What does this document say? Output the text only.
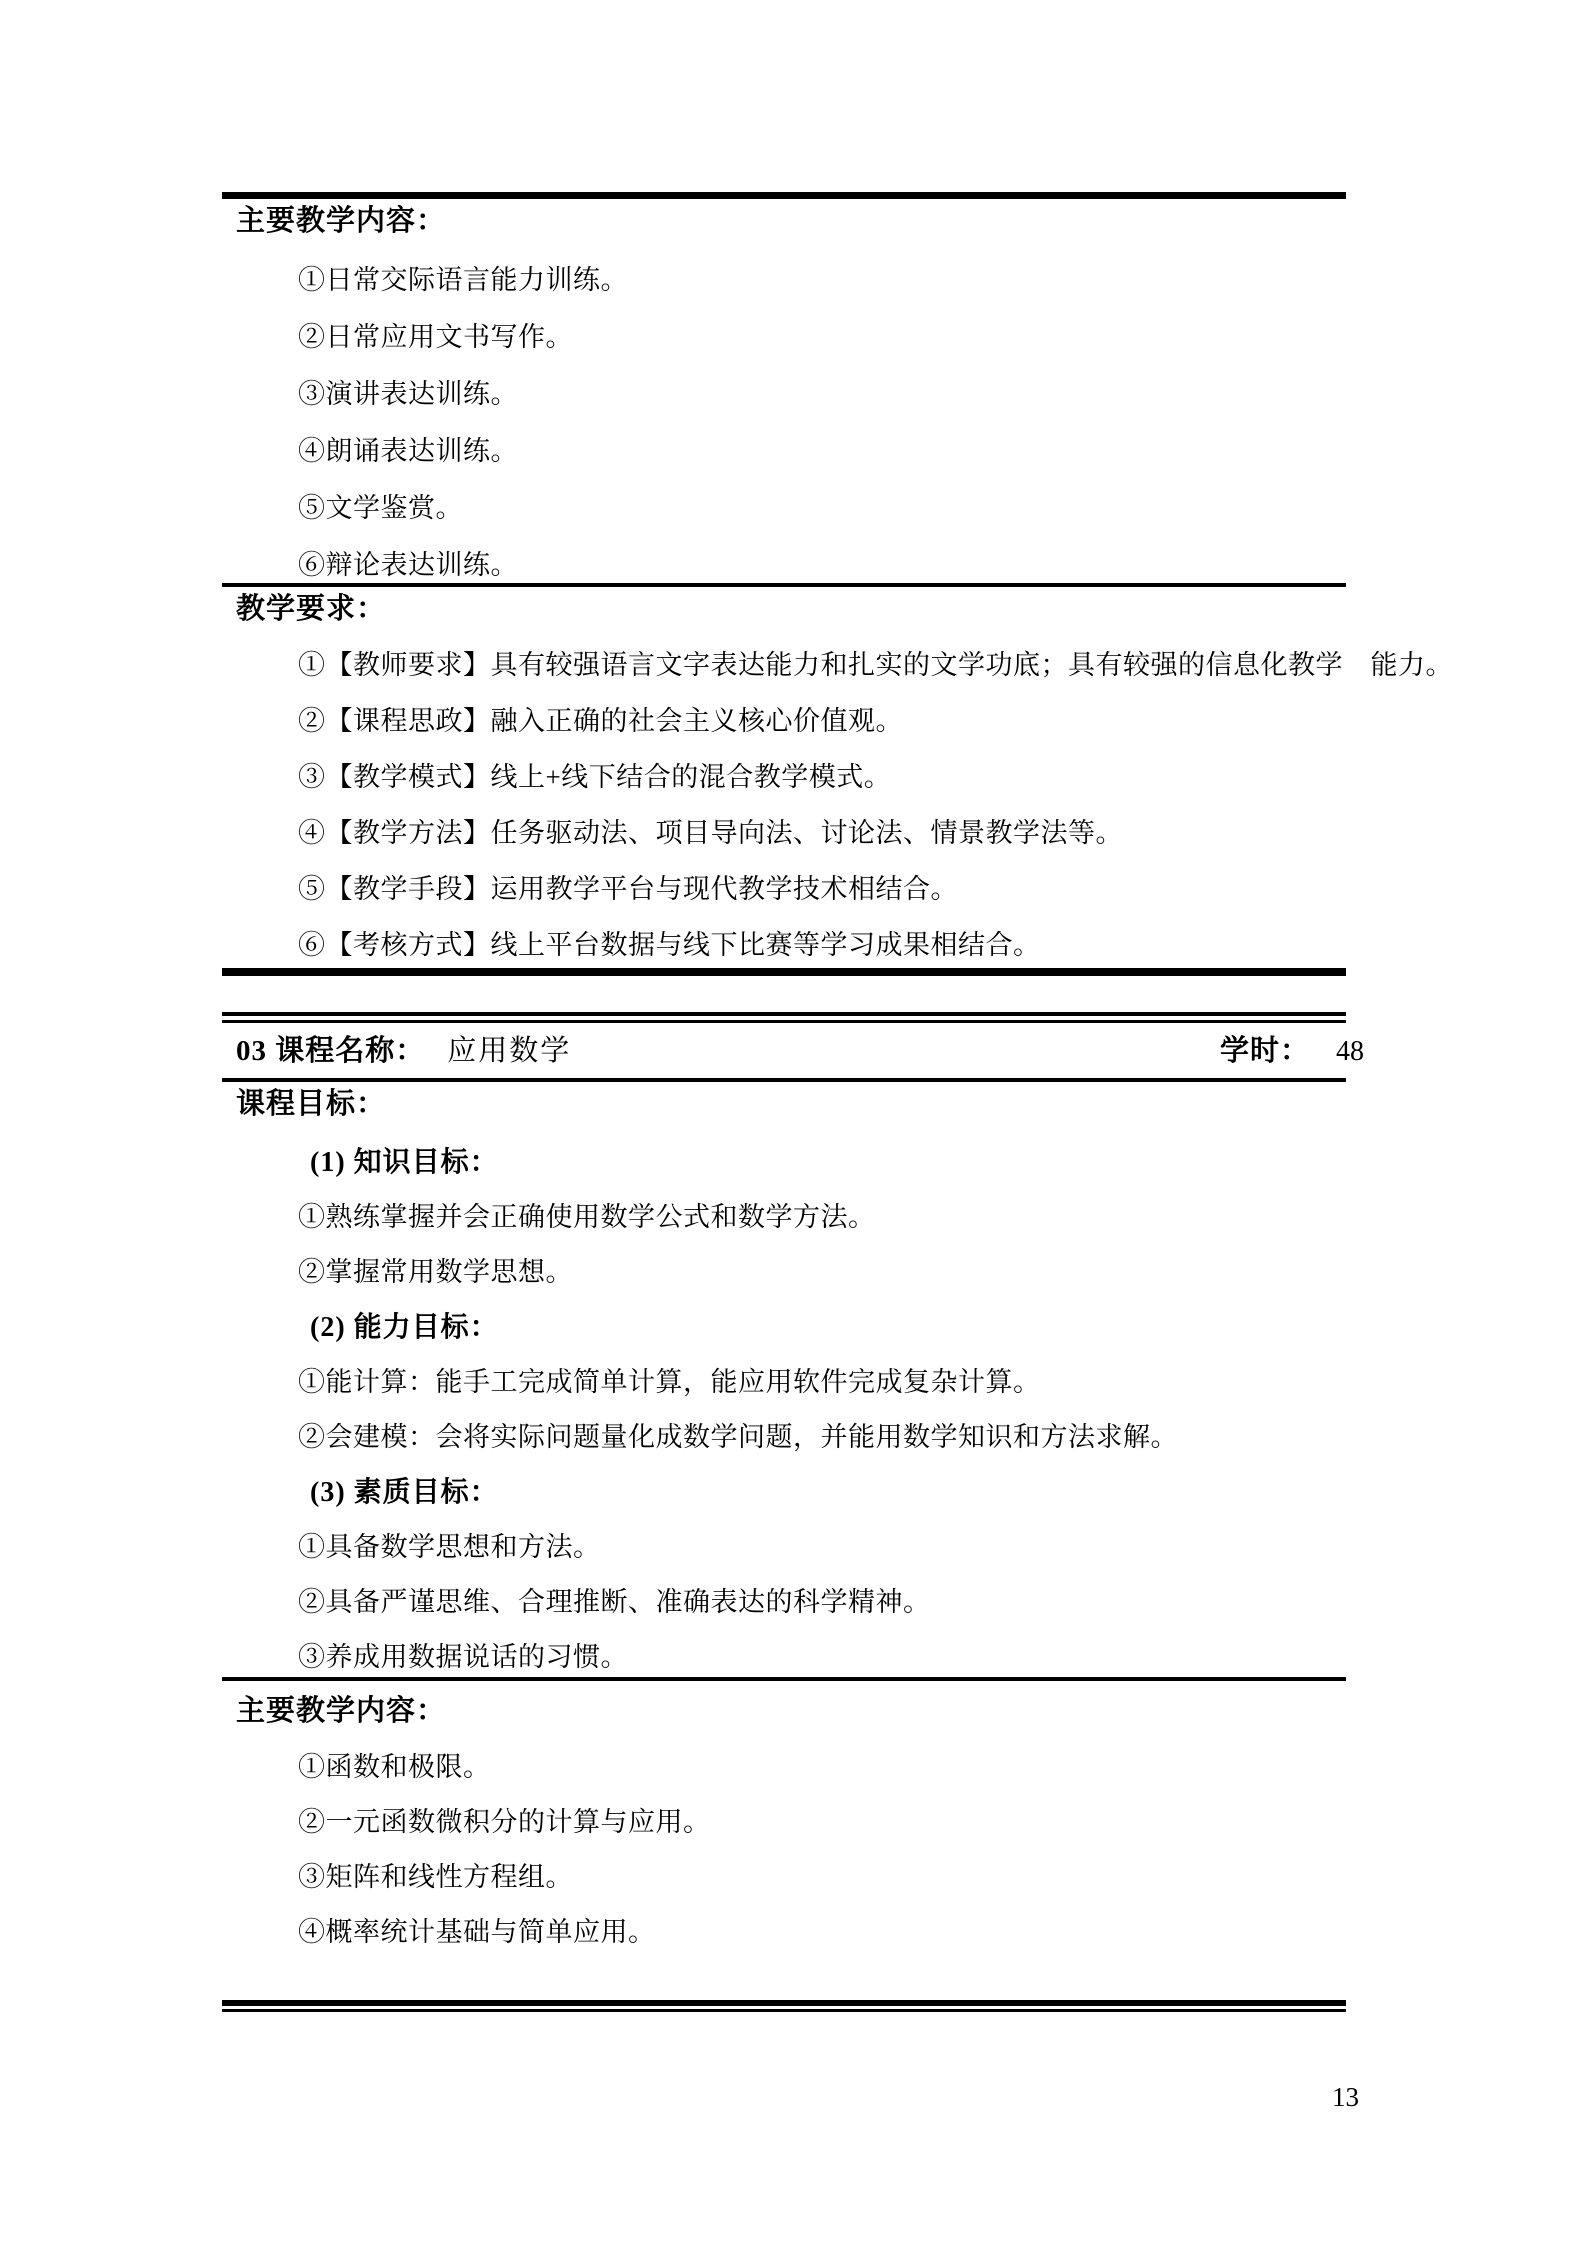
主要教学内容：

①日常交际语言能力训练。

②日常应用文书写作。

③演讲表达训练。

④朗诵表达训练。

⑤文学鉴赏。

⑥辩论表达训练。

教学要求：

①【教师要求】具有较强语言文字表达能力和扎实的文学功底；具有较强的信息化教学　能力。

②【课程思政】融入正确的社会主义核心价值观。

③【教学模式】线上+线下结合的混合教学模式。

④【教学方法】任务驱动法、项目导向法、讨论法、情景教学法等。

⑤【教学手段】运用教学平台与现代教学技术相结合。

⑥【考核方式】线上平台数据与线下比赛等学习成果相结合。

03 课程名称： 应用数学	学时： 48
课程目标：
(1) 知识目标：

①熟练掌握并会正确使用数学公式和数学方法。

②掌握常用数学思想。

(2) 能力目标：

①能计算：能手工完成简单计算，能应用软件完成复杂计算。

②会建模：会将实际问题量化成数学问题，并能用数学知识和方法求解。

(3) 素质目标：

①具备数学思想和方法。

②具备严谨思维、合理推断、准确表达的科学精神。

③养成用数据说话的习惯。

主要教学内容：

①函数和极限。

②一元函数微积分的计算与应用。

③矩阵和线性方程组。

④概率统计基础与简单应用。

13
